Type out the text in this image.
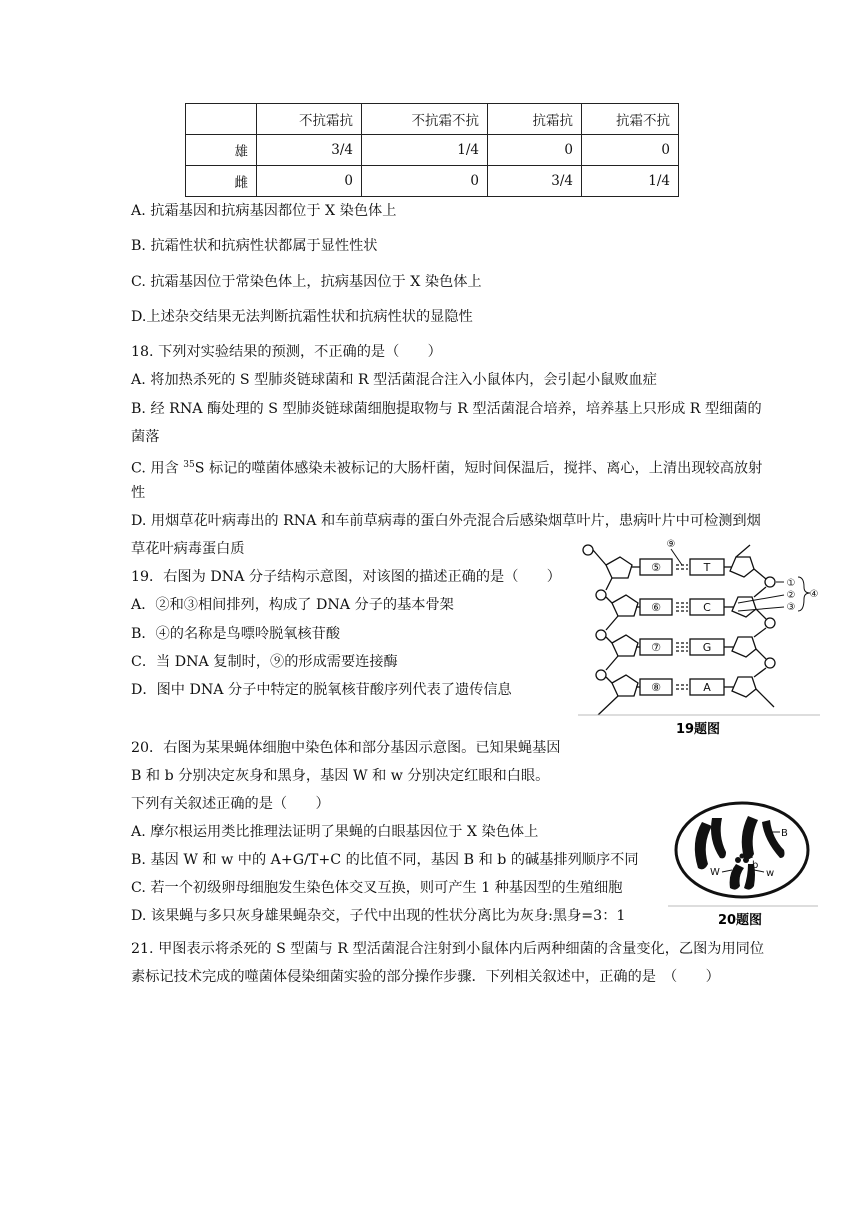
	不抗霜抗	不抗霜不抗	抗霜抗	抗霜不抗
雄	3/4	1/4	0	0
雌	0	0	3/4	1/4
A. 抗霜基因和抗病基因都位于 X 染色体上
B. 抗霜性状和抗病性状都属于显性性状
C. 抗霜基因位于常染色体上，抗病基因位于 X 染色体上
D.上述杂交结果无法判断抗霜性状和抗病性状的显隐性
18. 下列对实验结果的预测，不正确的是（　　）
A. 将加热杀死的 S 型肺炎链球菌和 R 型活菌混合注入小鼠体内，会引起小鼠败血症
B. 经 RNA 酶处理的 S 型肺炎链球菌细胞提取物与 R 型活菌混合培养，培养基上只形成 R 型细菌的
菌落
C. 用含 $^{35}$S 标记的噬菌体感染未被标记的大肠杆菌，短时间保温后，搅拌、离心，上清出现较高放射
性
D. 用烟草花叶病毒出的 RNA 和车前草病毒的蛋白外壳混合后感染烟草叶片，患病叶片中可检测到烟
草花叶病毒蛋白质
19．右图为 DNA 分子结构示意图，对该图的描述正确的是（　　）
A．②和③相间排列，构成了 DNA 分子的基本骨架
B．④的名称是鸟嘌呤脱氧核苷酸
C．当 DNA 复制时，⑨的形成需要连接酶
D．图中 DNA 分子中特定的脱氧核苷酸序列代表了遗传信息
⑤
⑥
⑦
⑧
T
C
G
A
⑨
①
②
③
④
19题图
20．右图为某果蝇体细胞中染色体和部分基因示意图。已知果蝇基因
B 和 b 分别决定灰身和黑身，基因 W 和 w 分别决定红眼和白眼。
下列有关叙述正确的是（　　）
A. 摩尔根运用类比推理法证明了果蝇的白眼基因位于 X 染色体上
B. 基因 W 和 w 中的 A+G/T+C 的比值不同，基因 B 和 b 的碱基排列顺序不同
C. 若一个初级卵母细胞发生染色体交叉互换，则可产生 1 种基因型的生殖细胞
D. 该果蝇与多只灰身雄果蝇杂交，子代中出现的性状分离比为灰身:黑身=3：1
B
b
W	w
20题图
21. 甲图表示将杀死的 S 型菌与 R 型活菌混合注射到小鼠体内后两种细菌的含量变化，乙图为用同位
素标记技术完成的噬菌体侵染细菌实验的部分操作步骤．下列相关叙述中，正确的是　（　　）
